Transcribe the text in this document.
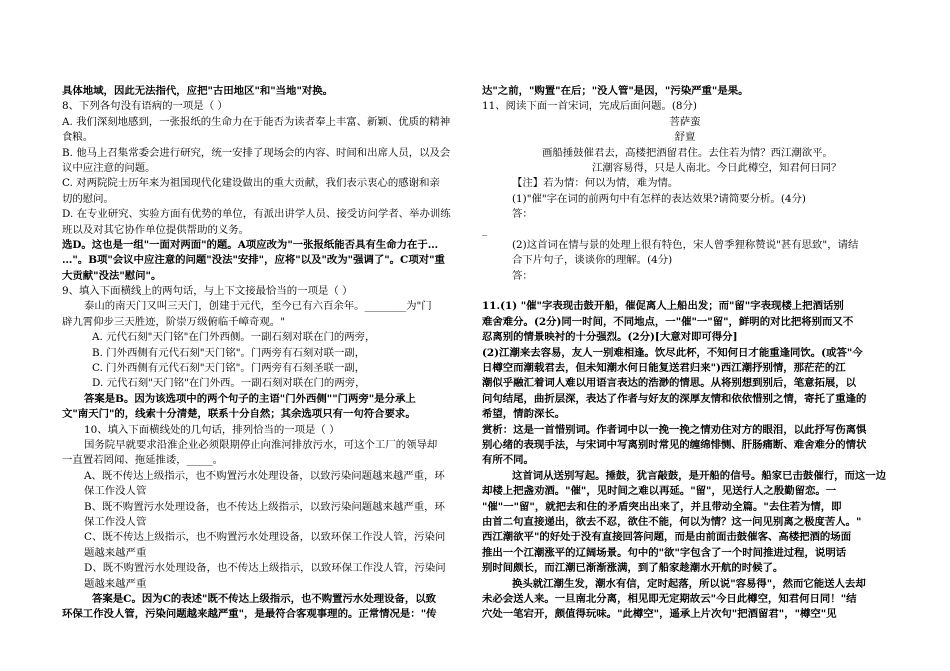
具体地域，因此无法指代，应把"古田地区"和"当地"对换。
8、下列各句没有语病的一项是（ ）
A. 我们深刻地感到，一张报纸的生命力在于能否为读者奉上丰富、新颖、优质的精神
食粮。
B. 他马上召集常委会进行研究，统一安排了现场会的内容、时间和出席人员，以及会
议中应注意的问题。
C. 对两院院士历年来为祖国现代化建设做出的重大贡献，我们表示衷心的感谢和亲
切的慰问。
D. 在专业研究、实验方面有优势的单位，有派出讲学人员、接受访问学者、举办训练
班以及对其它协作单位提供帮助的义务。
选D。这也是一组"一面对两面"的题。A项应改为"一张报纸能否具有生命力在于…
…"。B项"会议中应注意的问题"没法"安排"，应将"以及"改为"强调了"。C项对"重
大贡献"没法"慰问"。
9、填入下面横线上的两句话，与上下文接最恰当的一项是（ ）
泰山的南天门又叫三天门，创建于元代，至今已有六百余年。________为"门
辟九霄仰步三天胜迹，阶崇万级俯临千嶂奇观。"
A. 元代石刻"天门铭"在门外西侧。一副石刻对联在门的两旁，
B. 门外西侧有元代石刻"天门铭"。门两旁有石刻对联一副，
C. 门外西侧有元代石刻"天门铭"。门两旁有石刻圣联一副，
D. 元代石刻"天门铭"在门外西。一副石刻对联在门的两旁，
答案是B。因为该选项中的两个句子的主语"门外西侧""门两旁"是分承上
文"南天门"的，线索十分清楚，联系十分自然；其余选项只有一句符合要求。
10、填入下面横线处的几句话，排列恰当的一项是（ ）
国务院早就要求沿淮企业必须限期停止向淮河排放污水，可这个工厂的领导却
一直置若罔闻、拖延推诿，_____。
A、既不传达上级指示，也不购置污水处理设备，以致污染问题越来越严重，环
保工作没人管
B、既不购置污水处理设备，也不传达上级指示，以致污染问题越来越严重，环
保工作没人管
C、既不传达上级指示，也不购置污水处理设备，以致环保工作没人管，污染问
题越来越严重
D、既不购置污水处理设备，也不传达上级指示，以致环保工作没人管，污染问
题越来越严重
答案是C。因为C的表述"既不传达上级指示，也不购置污水处理设备，以致
环保工作没人管，污染问题越来越严重"，是最符合客观事理的。正常情况是："传
达"之前，"购置"在后；"没人管"是因，"污染严重"是果。
11、阅读下面一首宋词，完成后面问题。(8分)
菩萨蛮
舒亶
画船捶鼓催君去，高楼把酒留君住。去住若为情？西江潮欲平。
江潮容易得，只是人南北。今日此樽空，知君何日同？
【注】若为情：何以为情，难为情。
(1)"催"字在词的前两句中有怎样的表达效果?请简要分析。(4分)
答：
_
(2)这首词在情与景的处理上很有特色，宋人曾季狸称赞说"甚有思致"，请结
合下片句子，谈谈你的理解。(4分)
答：
11.(1) "催"字表现击鼓开船，催促离人上船出发；而"留"字表现楼上把酒话别
难舍难分。(2分)同一时间，不同地点，一"催"一"留"，鲜明的对比把将别而又不
忍离别的情景映衬的十分强烈。(2分)[大意对即可得分]
(2)江潮来去容易，友人一别难相逢。饮尽此杯，不知何日才能重逢同饮。(或答"今
日樽空而潮载君去，但未知潮水何日能复送君归来")西江潮抒别情，那茫茫的江
潮似乎融汇着词人难以用语言表达的浩渺的情思。从将别想到别后，笔意拓展，以
问句结尾，曲折层深，表达了作者与好友的深厚友情和依依惜别之情，寄托了重逢的
希望，情韵深长。
赏析：这是一首惜别词。作者词中以一挽一挽之情劝住对方的眼泪，以此抒写伤离惧
别心绪的表现手法，与宋词中写离别时常见的缠绵悱恻、肝肠痛断、难舍难分的情状
有所不同。
这首词从送别写起。捶鼓，犹言敲鼓，是开船的信号。船家已击鼓催行，而这一边
却楼上把盏劝酒。"催"，见时间之难以再延。"留"，见送行人之殷勤留恋。一
"催"一"留"，就把去和住的矛盾突出出来了，并且带动全篇。"去住若为情，即
由首二句直接递出，欲去不忍，欲住不能，何以为情？这一问见别离之极度苦人。"
西江潮欲平"的好处于没有直接回答问题，而是由前面击鼓催客、高楼把酒的场面
推出一个江潮涨平的辽阔场景。句中的"欲"字包含了一个时间推进过程，说明话
别时间颇长，而江潮已渐渐涨满，到了船家趁潮水开航的时候了。
换头就江潮生发，潮水有信，定时起落，所以说"容易得"，然而它能送人去却
未必会送人来。一旦南北分离，相见即无定期故云"今日此樽空，知君何日同！"结
穴处一笔宕开，颇值得玩味。"此樽空"，遥承上片次句"把酒留君"，"樽空"见
